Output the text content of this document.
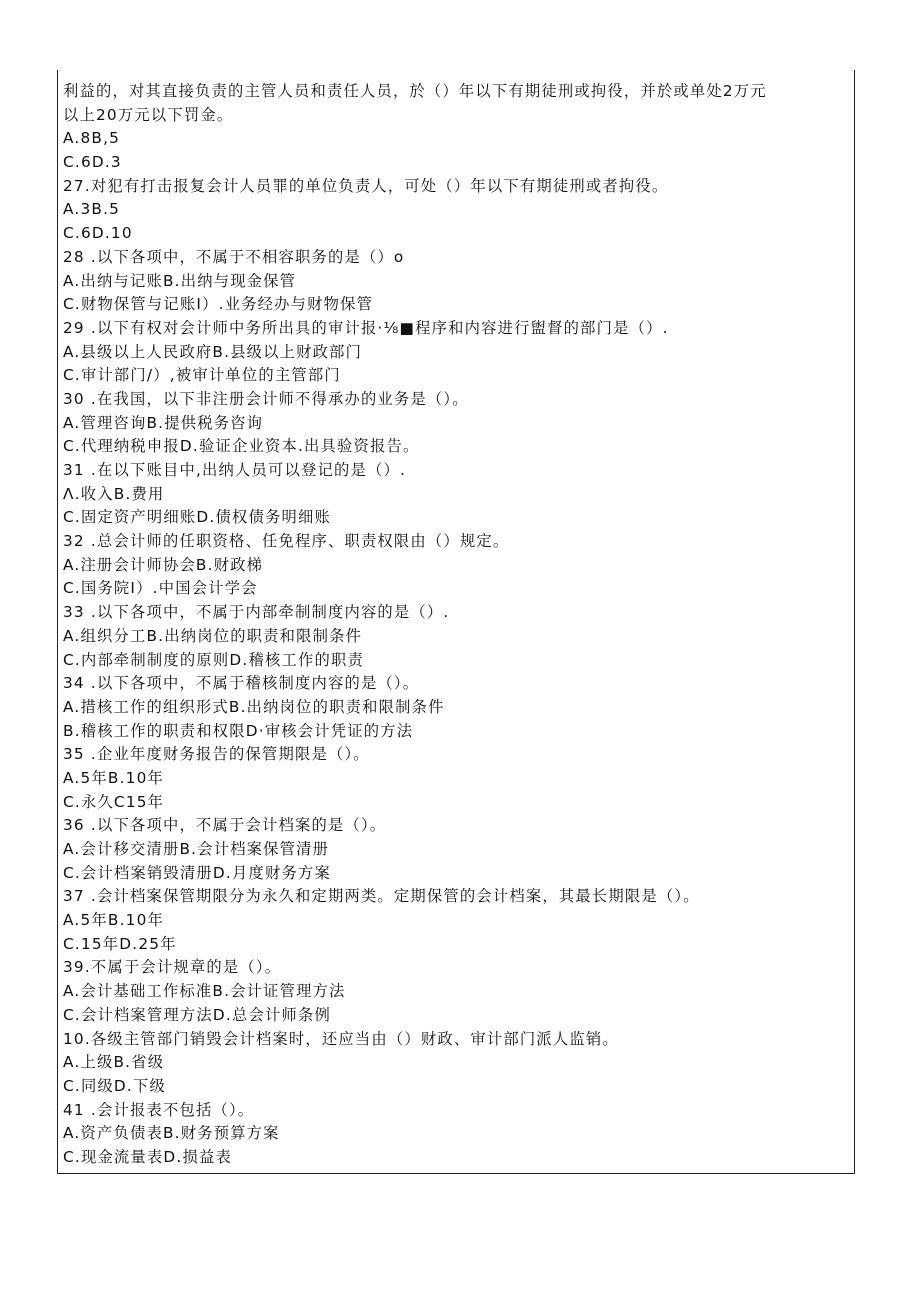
利益的，对其直接负责的主管人员和责任人员，於（）年以下有期徒刑或拘役，并於或单处2万元
以上20万元以下罚金。
A.8B,5
C.6D.3
27.对犯有打击报复会计人员罪的单位负责人，可处（）年以下有期徒刑或者拘役。
A.3B.5
C.6D.10
28 .以下各项中，不属于不相容职务的是（）o
A.出纳与记账B.出纳与现金保管
C.财物保管与记账I）.业务经办与财物保管
29 .以下有权对会计师中务所出具的审计报·⅛■程序和内容进行盥督的部门是（）.
A.县级以上人民政府B.县级以上财政部门
C.审计部门/）,被审计单位的主管部门
30 .在我国，以下非注册会计师不得承办的业务是（）。
A.管理咨询B.提供税务咨询
C.代理纳税申报D.验证企业资本.出具验资报告。
31 .在以下账目中,出纳人员可以登记的是（）.
Λ.收入B.费用
C.固定资产明细账D.债权债务明细账
32 .总会计师的任职资格、任免程序、职责权限由（）规定。
A.注册会计师协会B.财政梯
C.国务院I）.中国会计学会
33 .以下各项中，不属于内部牵制制度内容的是（）.
A.组织分工B.出纳岗位的职责和限制条件
C.内部牵制制度的原则D.稽核工作的职责
34 .以下各项中，不属于稽核制度内容的是（）。
A.措核工作的组织形式B.出纳岗位的职责和限制条件
B.稽核工作的职责和权限D·审核会计凭证的方法
35 .企业年度财务报告的保管期限是（）。
A.5年B.10年
C.永久C15年
36 .以下各项中，不属于会计档案的是（）。
A.会计移交清册B.会计档案保管清册
C.会计档案销毁清册D.月度财务方案
37 .会计档案保管期限分为永久和定期两类。定期保管的会计档案，其最长期限是（）。
A.5年B.10年
C.15年D.25年
39.不属于会计规章的是（）。
A.会计基础工作标准B.会计证管理方法
C.会计档案管理方法D.总会计师条例
10.各级主管部门销毁会计档案时，还应当由（）财政、审计部门派人监销。
A.上级B.省级
C.同级D.下级
41 .会计报表不包括（）。
A.资产负债表B.财务预算方案
C.现金流量表D.损益表
